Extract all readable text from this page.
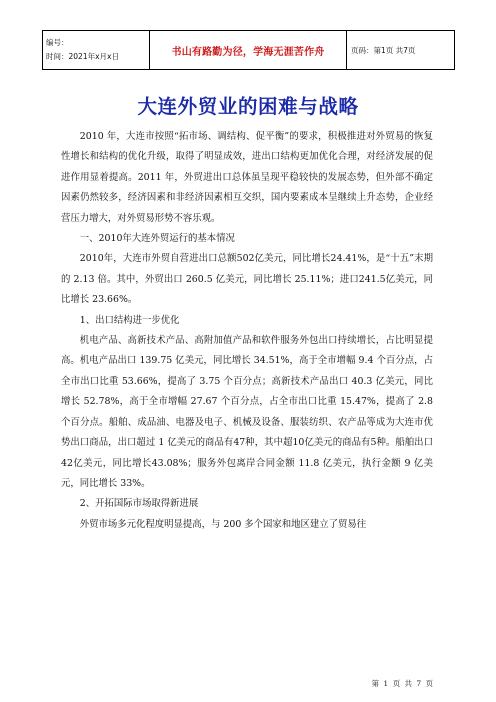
编号：
时间：2021年x月x日	书山有路勤为径，学海无涯苦作舟	页码：第1页 共7页
大连外贸业的困难与战略

2010 年，大连市按照“拓市场、调结构、促平衡”的要求，积极推进对外贸易的恢复性增长和结构的优化升级，取得了明显成效，进出口结构更加优化合理，对经济发展的促进作用显着提高。2011 年，外贸进出口总体虽呈现平稳较快的发展态势，但外部不确定因素仍然较多，经济因素和非经济因素相互交织，国内要素成本呈继续上升态势，企业经营压力增大，对外贸易形势不容乐观。

一、2010年大连外贸运行的基本情况

2010年，大连市外贸自营进出口总额502亿美元，同比增长24.41%，是“十五”末期的 2.13 倍。其中，外贸出口 260.5 亿美元，同比增长 25.11%；进口241.5亿美元，同比增长 23.66%。

1、出口结构进一步优化

机电产品、高新技术产品、高附加值产品和软件服务外包出口持续增长，占比明显提高。机电产品出口 139.75 亿美元，同比增长 34.51%，高于全市增幅 9.4 个百分点，占全市出口比重 53.66%，提高了 3.75 个百分点；高新技术产品出口 40.3 亿美元，同比增长 52.78%，高于全市增幅 27.67 个百分点，占全市出口比重 15.47%，提高了 2.8 个百分点。船舶、成品油、电器及电子、机械及设备、服装纺织、农产品等成为大连市优势出口商品，出口超过 1 亿美元的商品有47种，其中超10亿美元的商品有5种。船舶出口42亿美元，同比增长43.08%；服务外包离岸合同金额 11.8 亿美元，执行金额 9 亿美元，同比增长 33%。

2、开拓国际市场取得新进展

外贸市场多元化程度明显提高，与 200 多个国家和地区建立了贸易往

第 1 页 共 7 页
